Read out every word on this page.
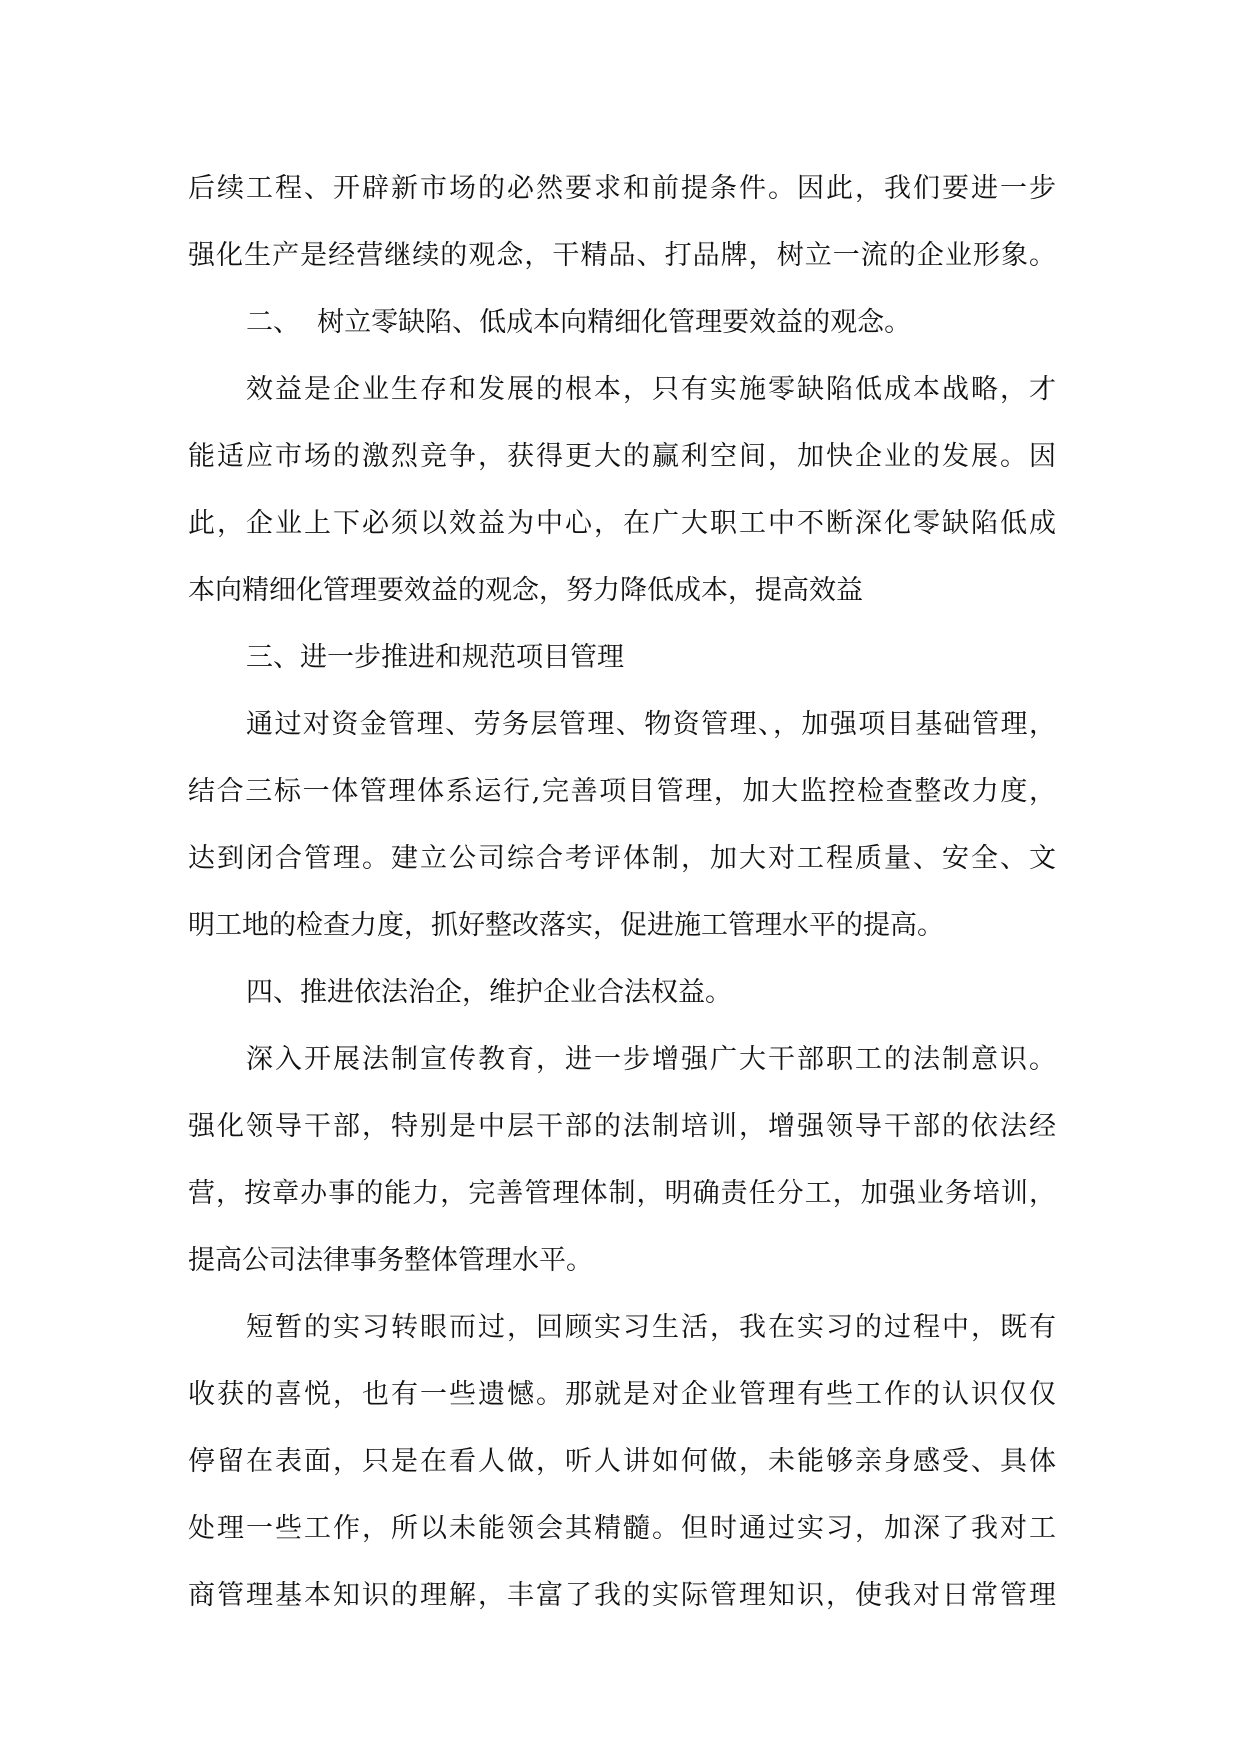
后续工程、开辟新市场的必然要求和前提条件。因此，我们要进一步
强化生产是经营继续的观念，干精品、打品牌，树立一流的企业形象。
二、  树立零缺陷、低成本向精细化管理要效益的观念。
效益是企业生存和发展的根本，只有实施零缺陷低成本战略，才
能适应市场的激烈竞争，获得更大的赢利空间，加快企业的发展。因
此，企业上下必须以效益为中心，在广大职工中不断深化零缺陷低成
本向精细化管理要效益的观念，努力降低成本，提高效益
三、进一步推进和规范项目管理
通过对资金管理、劳务层管理、物资管理、，加强项目基础管理，
结合三标一体管理体系运行,完善项目管理，加大监控检查整改力度，
达到闭合管理。建立公司综合考评体制，加大对工程质量、安全、文
明工地的检查力度，抓好整改落实，促进施工管理水平的提高。
四、推进依法治企，维护企业合法权益。
深入开展法制宣传教育，进一步增强广大干部职工的法制意识。
强化领导干部，特别是中层干部的法制培训，增强领导干部的依法经
营，按章办事的能力，完善管理体制，明确责任分工，加强业务培训，
提高公司法律事务整体管理水平。
短暂的实习转眼而过，回顾实习生活，我在实习的过程中，既有
收获的喜悦，也有一些遗憾。那就是对企业管理有些工作的认识仅仅
停留在表面，只是在看人做，听人讲如何做，未能够亲身感受、具体
处理一些工作，所以未能领会其精髓。但时通过实习，加深了我对工
商管理基本知识的理解，丰富了我的实际管理知识，使我对日常管理
